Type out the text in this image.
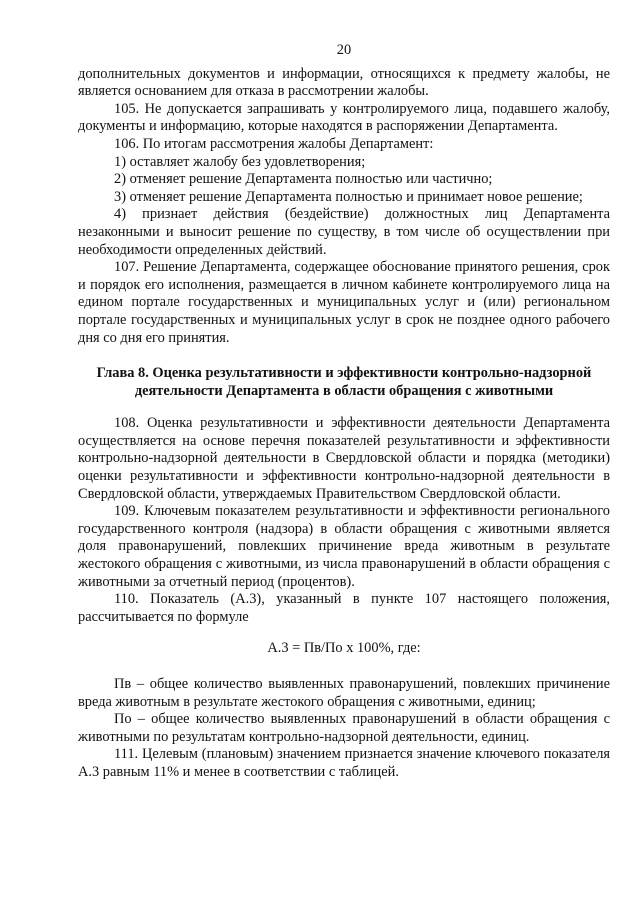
20

дополнительных документов и информации, относящихся к предмету жалобы, не является основанием для отказа в рассмотрении жалобы.

105. Не допускается запрашивать у контролируемого лица, подавшего жалобу, документы и информацию, которые находятся в распоряжении Департамента.

106. По итогам рассмотрения жалобы Департамент:

1) оставляет жалобу без удовлетворения;

2) отменяет решение Департамента полностью или частично;

3) отменяет решение Департамента полностью и принимает новое решение;

4) признает действия (бездействие) должностных лиц Департамента незаконными и выносит решение по существу, в том числе об осуществлении при необходимости определенных действий.

107. Решение Департамента, содержащее обоснование принятого решения, срок и порядок его исполнения, размещается в личном кабинете контролируемого лица на едином портале государственных и муниципальных услуг и (или) региональном портале государственных и муниципальных услуг в срок не позднее одного рабочего дня со дня его принятия.

Глава 8. Оценка результативности и эффективности контрольно-надзорной деятельности Департамента в области обращения с животными

108. Оценка результативности и эффективности деятельности Департамента осуществляется на основе перечня показателей результативности и эффективности контрольно-надзорной деятельности в Свердловской области и порядка (методики) оценки результативности и эффективности контрольно-надзорной деятельности в Свердловской области, утверждаемых Правительством Свердловской области.

109. Ключевым показателем результативности и эффективности регионального государственного контроля (надзора) в области обращения с животными является доля правонарушений, повлекших причинение вреда животным в результате жестокого обращения с животными, из числа правонарушений в области обращения с животными за отчетный период (процентов).

110. Показатель (А.3), указанный в пункте 107 настоящего положения, рассчитывается по формуле

А.3 = Пв/По х 100%, где:

Пв – общее количество выявленных правонарушений, повлекших причинение вреда животным в результате жестокого обращения с животными, единиц;

По – общее количество выявленных правонарушений в области обращения с животными по результатам контрольно-надзорной деятельности, единиц.

111. Целевым (плановым) значением признается значение ключевого показателя А.3 равным 11% и менее в соответствии с таблицей.
